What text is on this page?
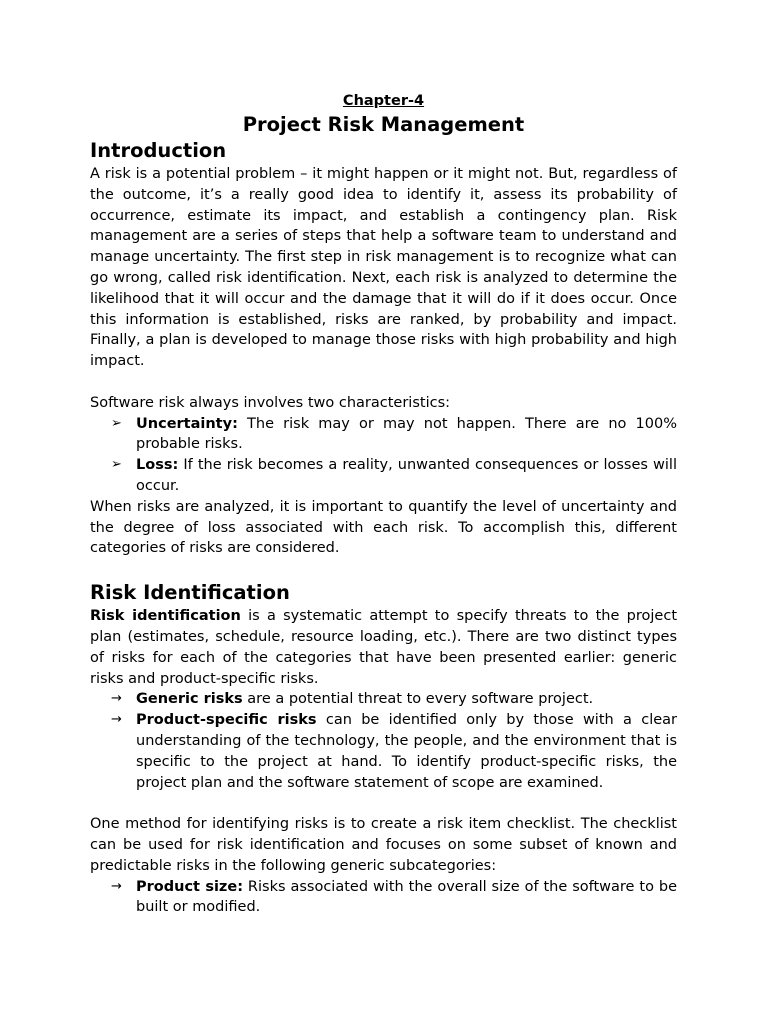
Chapter-4
Project Risk Management
Introduction

A risk is a potential problem – it might happen or it might not. But, regardless of the outcome, it’s a really good idea to identify it, assess its probability of occurrence, estimate its impact, and establish a contingency plan. Risk management are a series of steps that help a software team to understand and manage uncertainty. The first step in risk management is to recognize what can go wrong, called risk identification. Next, each risk is analyzed to determine the likelihood that it will occur and the damage that it will do if it does occur. Once this information is established, risks are ranked, by probability and impact. Finally, a plan is developed to manage those risks with high probability and high impact.

Software risk always involves two characteristics:

➢ Uncertainty: The risk may or may not happen. There are no 100% probable risks.
➢ Loss: If the risk becomes a reality, unwanted consequences or losses will occur.

When risks are analyzed, it is important to quantify the level of uncertainty and the degree of loss associated with each risk. To accomplish this, different categories of risks are considered.

Risk Identification

Risk identification is a systematic attempt to specify threats to the project plan (estimates, schedule, resource loading, etc.). There are two distinct types of risks for each of the categories that have been presented earlier: generic risks and product-specific risks.

→ Generic risks are a potential threat to every software project.
→ Product-specific risks can be identified only by those with a clear understanding of the technology, the people, and the environment that is specific to the project at hand. To identify product-specific risks, the project plan and the software statement of scope are examined.

One method for identifying risks is to create a risk item checklist. The checklist can be used for risk identification and focuses on some subset of known and predictable risks in the following generic subcategories:

→ Product size: Risks associated with the overall size of the software to be built or modified.
